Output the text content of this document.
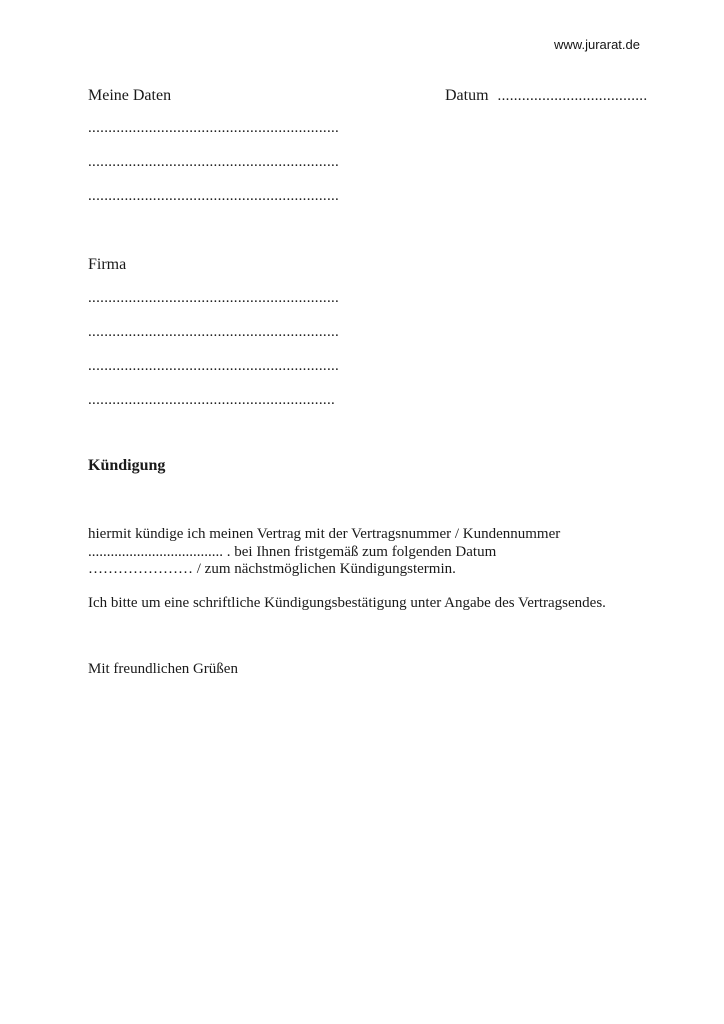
www.jurarat.de
Meine Daten	Datum .....................................
..............................................................
..............................................................
..............................................................
Firma
..............................................................
..............................................................
..............................................................
.............................................................
Kündigung
hiermit kündige ich meinen Vertrag mit der Vertragsnummer / Kundennummer
.................................... . bei Ihnen fristgemäß zum folgenden Datum
………………… / zum nächstmöglichen Kündigungstermin.
Ich bitte um eine schriftliche Kündigungsbestätigung unter Angabe des Vertragsendes.
Mit freundlichen Grüßen
